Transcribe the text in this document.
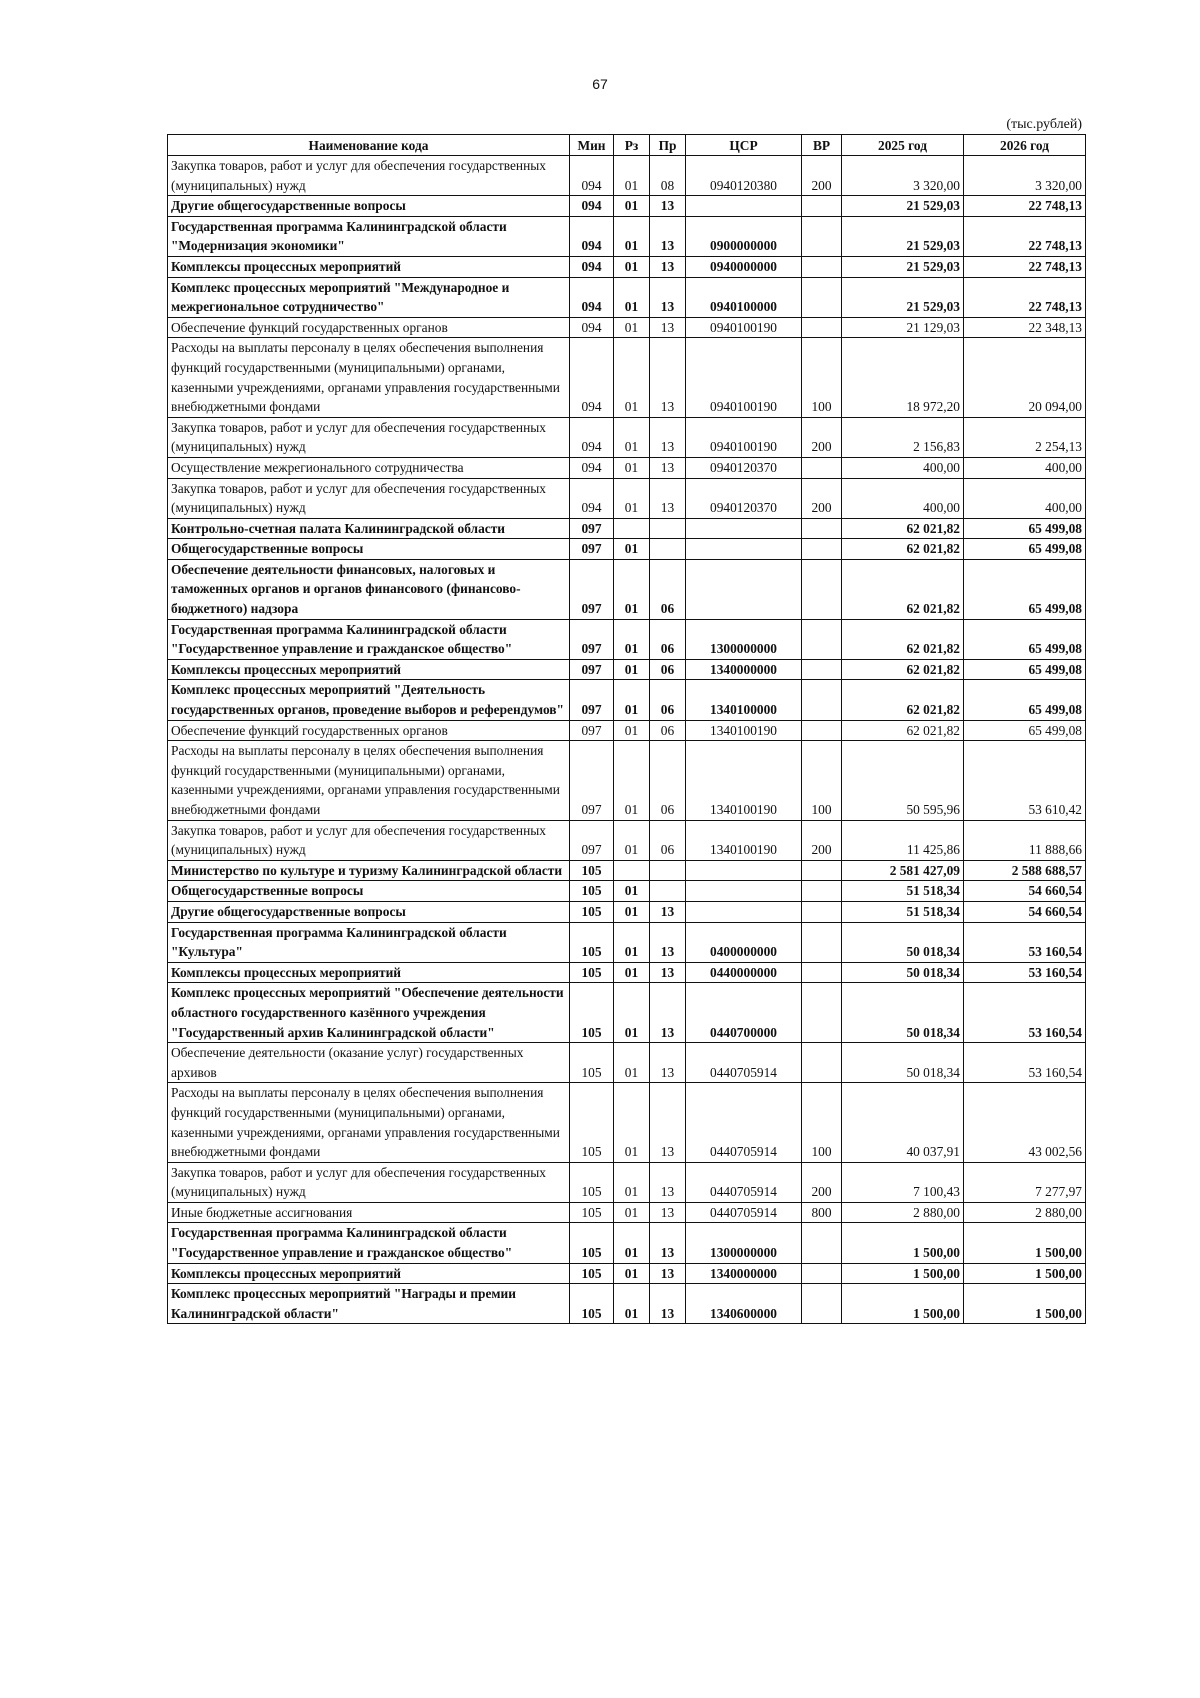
67
(тыс.рублей)
Наименование кода	Мин	Рз	Пр	ЦСР	ВР	2025 год	2026 год
Закупка товаров, работ и услуг для обеспечения государственных (муниципальных) нужд	094	01	08	0940120380	200	3 320,00	3 320,00
Другие общегосударственные вопросы	094	01	13			21 529,03	22 748,13
Государственная программа Калининградской области "Модернизация экономики"	094	01	13	0900000000		21 529,03	22 748,13
Комплексы процессных мероприятий	094	01	13	0940000000		21 529,03	22 748,13
Комплекс процессных мероприятий "Международное и межрегиональное сотрудничество"	094	01	13	0940100000		21 529,03	22 748,13
Обеспечение функций государственных органов	094	01	13	0940100190		21 129,03	22 348,13
Расходы на выплаты персоналу в целях обеспечения выполнения функций государственными (муниципальными) органами, казенными учреждениями, органами управления государственными внебюджетными фондами	094	01	13	0940100190	100	18 972,20	20 094,00
Закупка товаров, работ и услуг для обеспечения государственных (муниципальных) нужд	094	01	13	0940100190	200	2 156,83	2 254,13
Осуществление межрегионального сотрудничества	094	01	13	0940120370		400,00	400,00
Закупка товаров, работ и услуг для обеспечения государственных (муниципальных) нужд	094	01	13	0940120370	200	400,00	400,00
Контрольно-счетная палата Калининградской области	097					62 021,82	65 499,08
Общегосударственные вопросы	097	01				62 021,82	65 499,08
Обеспечение деятельности финансовых, налоговых и таможенных органов и органов финансового (финансово-бюджетного) надзора	097	01	06			62 021,82	65 499,08
Государственная программа Калининградской области "Государственное управление и гражданское общество"	097	01	06	1300000000		62 021,82	65 499,08
Комплексы процессных мероприятий	097	01	06	1340000000		62 021,82	65 499,08
Комплекс процессных мероприятий "Деятельность государственных органов, проведение выборов и референдумов"	097	01	06	1340100000		62 021,82	65 499,08
Обеспечение функций государственных органов	097	01	06	1340100190		62 021,82	65 499,08
Расходы на выплаты персоналу в целях обеспечения выполнения функций государственными (муниципальными) органами, казенными учреждениями, органами управления государственными внебюджетными фондами	097	01	06	1340100190	100	50 595,96	53 610,42
Закупка товаров, работ и услуг для обеспечения государственных (муниципальных) нужд	097	01	06	1340100190	200	11 425,86	11 888,66
Министерство по культуре и туризму Калининградской области	105					2 581 427,09	2 588 688,57
Общегосударственные вопросы	105	01				51 518,34	54 660,54
Другие общегосударственные вопросы	105	01	13			51 518,34	54 660,54
Государственная программа Калининградской области "Культура"	105	01	13	0400000000		50 018,34	53 160,54
Комплексы процессных мероприятий	105	01	13	0440000000		50 018,34	53 160,54
Комплекс процессных мероприятий "Обеспечение деятельности областного государственного казённого учреждения "Государственный архив Калининградской области"	105	01	13	0440700000		50 018,34	53 160,54
Обеспечение деятельности (оказание услуг) государственных архивов	105	01	13	0440705914		50 018,34	53 160,54
Расходы на выплаты персоналу в целях обеспечения выполнения функций государственными (муниципальными) органами, казенными учреждениями, органами управления государственными внебюджетными фондами	105	01	13	0440705914	100	40 037,91	43 002,56
Закупка товаров, работ и услуг для обеспечения государственных (муниципальных) нужд	105	01	13	0440705914	200	7 100,43	7 277,97
Иные бюджетные ассигнования	105	01	13	0440705914	800	2 880,00	2 880,00
Государственная программа Калининградской области "Государственное управление и гражданское общество"	105	01	13	1300000000		1 500,00	1 500,00
Комплексы процессных мероприятий	105	01	13	1340000000		1 500,00	1 500,00
Комплекс процессных мероприятий "Награды и премии Калининградской области"	105	01	13	1340600000		1 500,00	1 500,00
